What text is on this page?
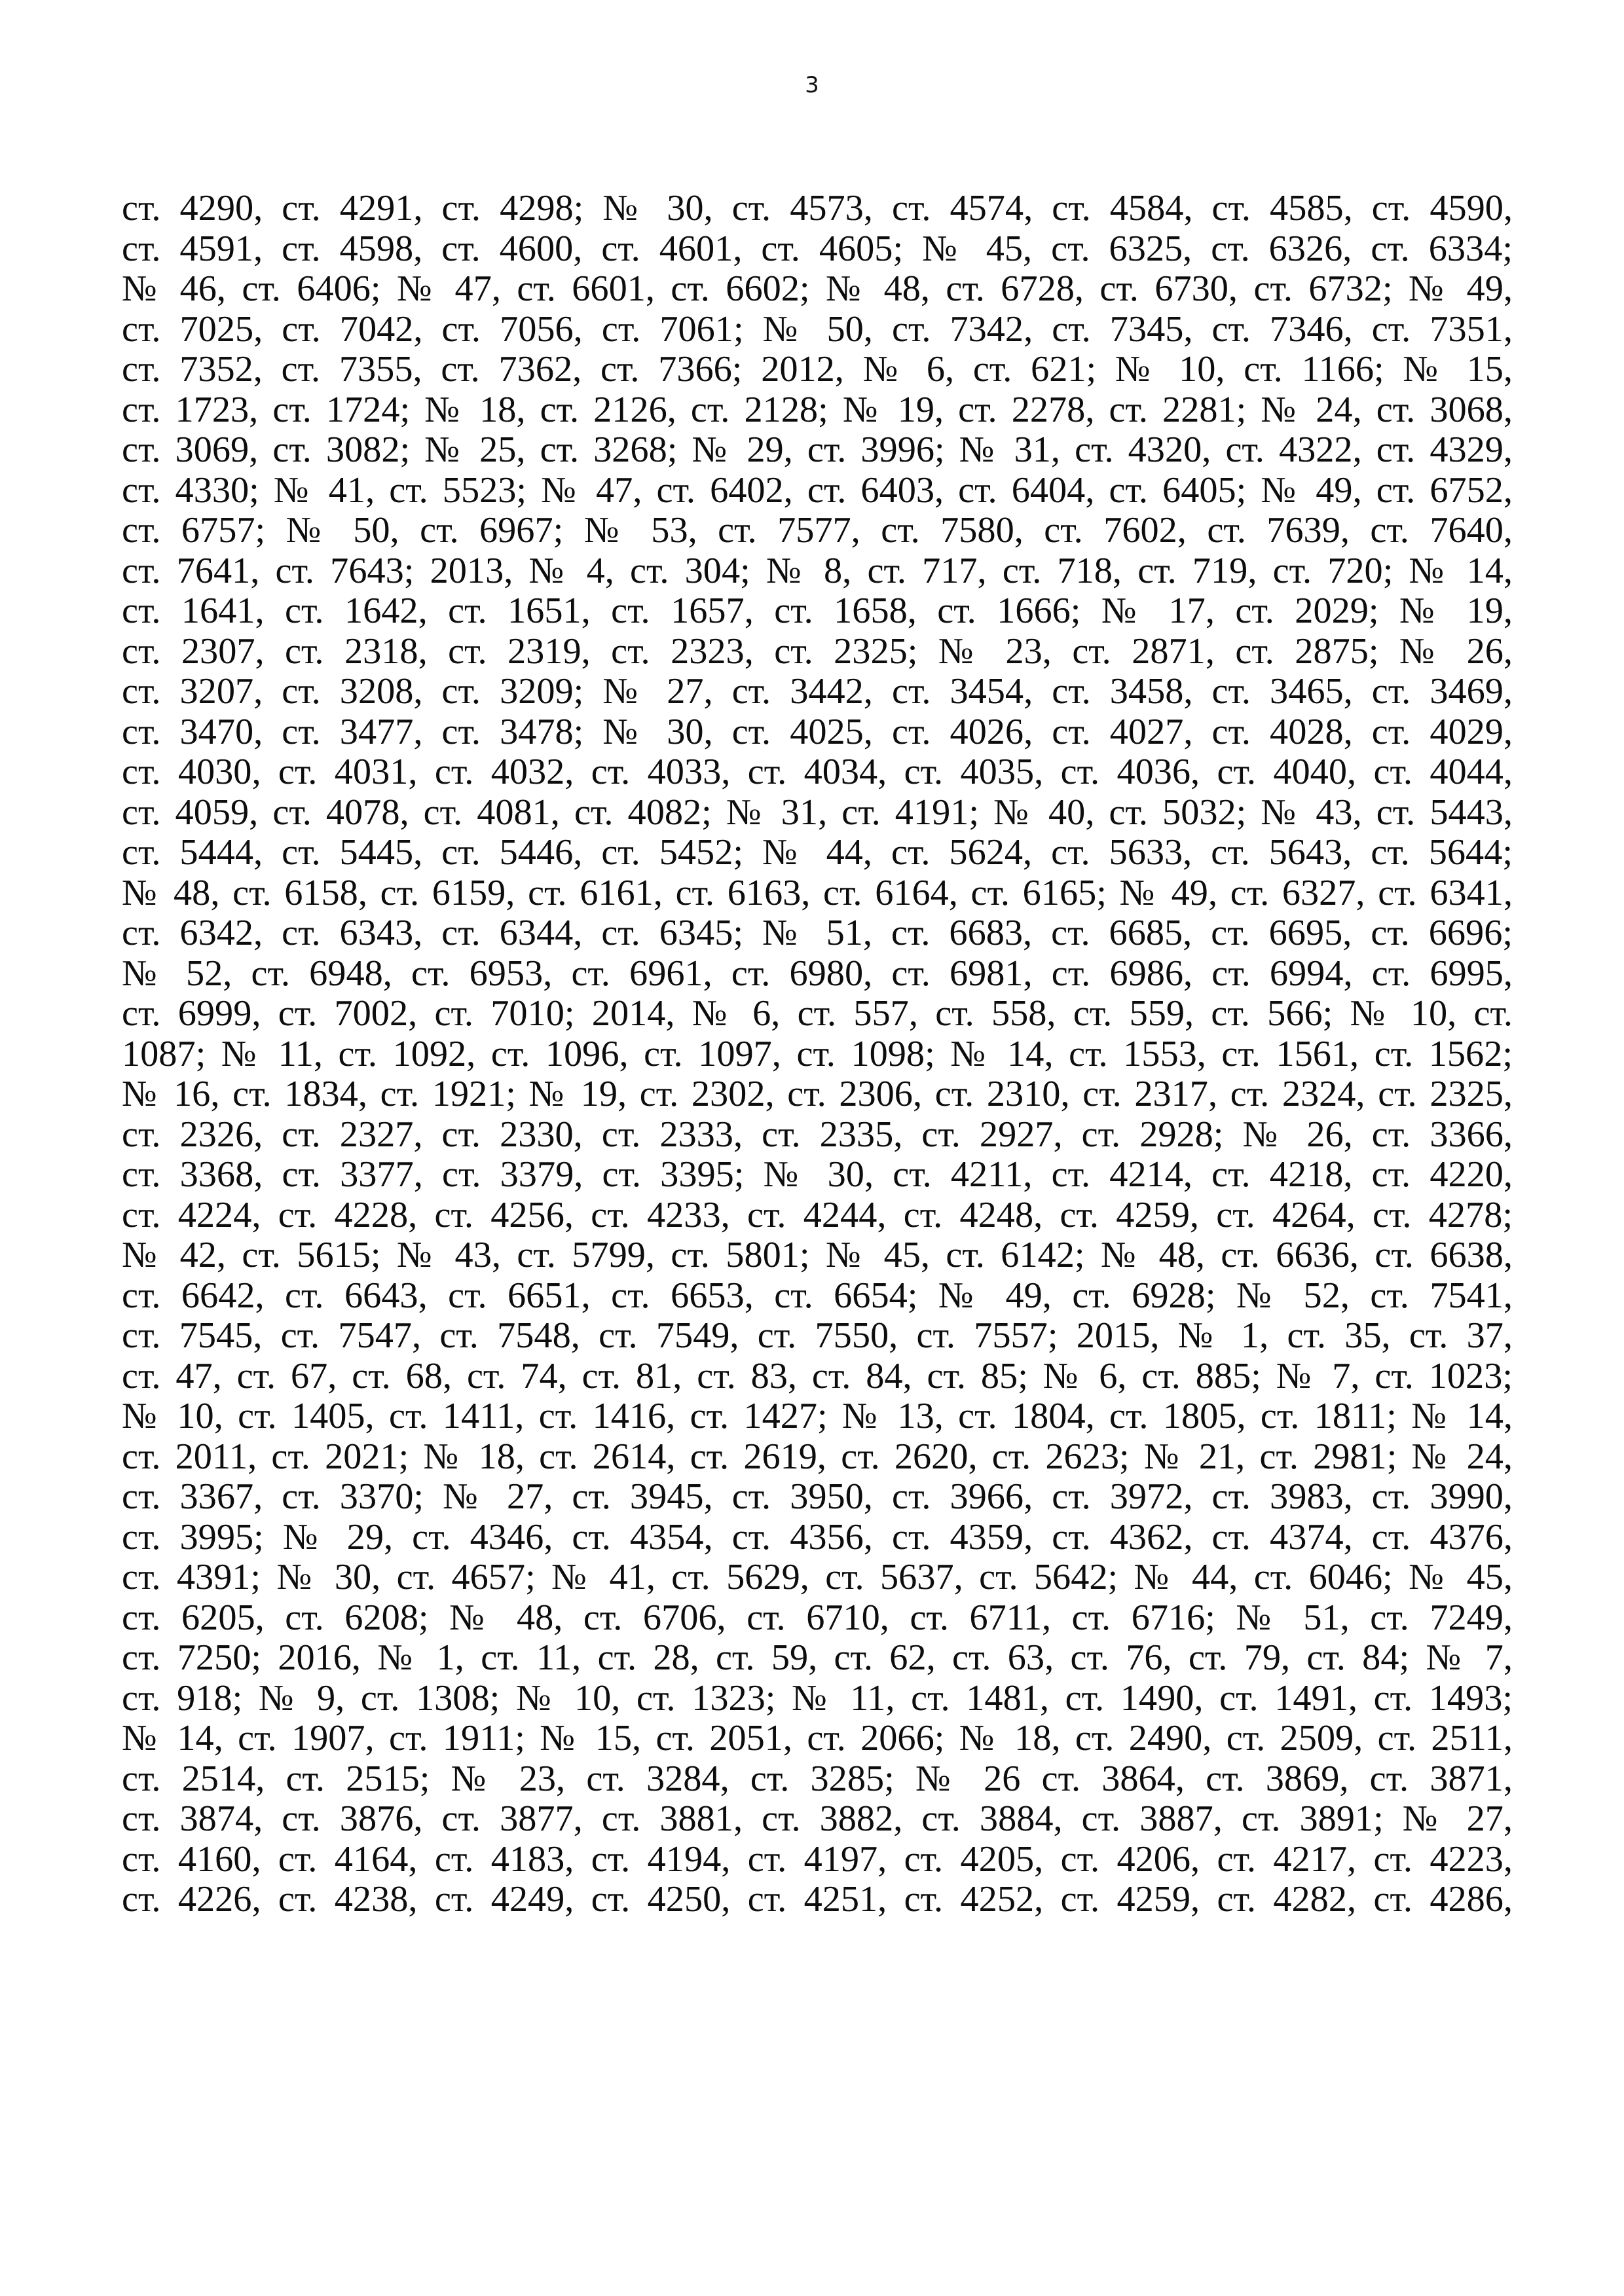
3
ст. 4290, ст. 4291, ст. 4298; № 30, ст. 4573, ст. 4574, ст. 4584, ст. 4585, ст. 4590,
ст. 4591, ст. 4598, ст. 4600, ст. 4601, ст. 4605; № 45, ст. 6325, ст. 6326, ст. 6334;
№ 46, ст. 6406; № 47, ст. 6601, ст. 6602; № 48, ст. 6728, ст. 6730, ст. 6732; № 49,
ст. 7025, ст. 7042, ст. 7056, ст. 7061; № 50, ст. 7342, ст. 7345, ст. 7346, ст. 7351,
ст. 7352, ст. 7355, ст. 7362, ст. 7366; 2012, № 6, ст. 621; № 10, ст. 1166; № 15,
ст. 1723, ст. 1724; № 18, ст. 2126, ст. 2128; № 19, ст. 2278, ст. 2281; № 24, ст. 3068,
ст. 3069, ст. 3082; № 25, ст. 3268; № 29, ст. 3996; № 31, ст. 4320, ст. 4322, ст. 4329,
ст. 4330; № 41, ст. 5523; № 47, ст. 6402, ст. 6403, ст. 6404, ст. 6405; № 49, ст. 6752,
ст. 6757; № 50, ст. 6967; № 53, ст. 7577, ст. 7580, ст. 7602, ст. 7639, ст. 7640,
ст. 7641, ст. 7643; 2013, № 4, ст. 304; № 8, ст. 717, ст. 718, ст. 719, ст. 720; № 14,
ст. 1641, ст. 1642, ст. 1651, ст. 1657, ст. 1658, ст. 1666; № 17, ст. 2029; № 19,
ст. 2307, ст. 2318, ст. 2319, ст. 2323, ст. 2325; № 23, ст. 2871, ст. 2875; № 26,
ст. 3207, ст. 3208, ст. 3209; № 27, ст. 3442, ст. 3454, ст. 3458, ст. 3465, ст. 3469,
ст. 3470, ст. 3477, ст. 3478; № 30, ст. 4025, ст. 4026, ст. 4027, ст. 4028, ст. 4029,
ст. 4030, ст. 4031, ст. 4032, ст. 4033, ст. 4034, ст. 4035, ст. 4036, ст. 4040, ст. 4044,
ст. 4059, ст. 4078, ст. 4081, ст. 4082; № 31, ст. 4191; № 40, ст. 5032; № 43, ст. 5443,
ст. 5444, ст. 5445, ст. 5446, ст. 5452; № 44, ст. 5624, ст. 5633, ст. 5643, ст. 5644;
№ 48, ст. 6158, ст. 6159, ст. 6161, ст. 6163, ст. 6164, ст. 6165; № 49, ст. 6327, ст. 6341,
ст. 6342, ст. 6343, ст. 6344, ст. 6345; № 51, ст. 6683, ст. 6685, ст. 6695, ст. 6696;
№ 52, ст. 6948, ст. 6953, ст. 6961, ст. 6980, ст. 6981, ст. 6986, ст. 6994, ст. 6995,
ст. 6999, ст. 7002, ст. 7010; 2014, № 6, ст. 557, ст. 558, ст. 559, ст. 566; № 10, ст.
1087; № 11, ст. 1092, ст. 1096, ст. 1097, ст. 1098; № 14, ст. 1553, ст. 1561, ст. 1562;
№ 16, ст. 1834, ст. 1921; № 19, ст. 2302, ст. 2306, ст. 2310, ст. 2317, ст. 2324, ст. 2325,
ст. 2326, ст. 2327, ст. 2330, ст. 2333, ст. 2335, ст. 2927, ст. 2928; № 26, ст. 3366,
ст. 3368, ст. 3377, ст. 3379, ст. 3395; № 30, ст. 4211, ст. 4214, ст. 4218, ст. 4220,
ст. 4224, ст. 4228, ст. 4256, ст. 4233, ст. 4244, ст. 4248, ст. 4259, ст. 4264, ст. 4278;
№ 42, ст. 5615; № 43, ст. 5799, ст. 5801; № 45, ст. 6142; № 48, ст. 6636, ст. 6638,
ст. 6642, ст. 6643, ст. 6651, ст. 6653, ст. 6654; № 49, ст. 6928; № 52, ст. 7541,
ст. 7545, ст. 7547, ст. 7548, ст. 7549, ст. 7550, ст. 7557; 2015, № 1, ст. 35, ст. 37,
ст. 47, ст. 67, ст. 68, ст. 74, ст. 81, ст. 83, ст. 84, ст. 85; № 6, ст. 885; № 7, ст. 1023;
№ 10, ст. 1405, ст. 1411, ст. 1416, ст. 1427; № 13, ст. 1804, ст. 1805, ст. 1811; № 14,
ст. 2011, ст. 2021; № 18, ст. 2614, ст. 2619, ст. 2620, ст. 2623; № 21, ст. 2981; № 24,
ст. 3367, ст. 3370; № 27, ст. 3945, ст. 3950, ст. 3966, ст. 3972, ст. 3983, ст. 3990,
ст. 3995; № 29, ст. 4346, ст. 4354, ст. 4356, ст. 4359, ст. 4362, ст. 4374, ст. 4376,
ст. 4391; № 30, ст. 4657; № 41, ст. 5629, ст. 5637, ст. 5642; № 44, ст. 6046; № 45,
ст. 6205, ст. 6208; № 48, ст. 6706, ст. 6710, ст. 6711, ст. 6716; № 51, ст. 7249,
ст. 7250; 2016, № 1, ст. 11, ст. 28, ст. 59, ст. 62, ст. 63, ст. 76, ст. 79, ст. 84; № 7,
ст. 918; № 9, ст. 1308; № 10, ст. 1323; № 11, ст. 1481, ст. 1490, ст. 1491, ст. 1493;
№ 14, ст. 1907, ст. 1911; № 15, ст. 2051, ст. 2066; № 18, ст. 2490, ст. 2509, ст. 2511,
ст. 2514, ст. 2515; № 23, ст. 3284, ст. 3285; № 26 ст. 3864, ст. 3869, ст. 3871,
ст. 3874, ст. 3876, ст. 3877, ст. 3881, ст. 3882, ст. 3884, ст. 3887, ст. 3891; № 27,
ст. 4160, ст. 4164, ст. 4183, ст. 4194, ст. 4197, ст. 4205, ст. 4206, ст. 4217, ст. 4223,
ст. 4226, ст. 4238, ст. 4249, ст. 4250, ст. 4251, ст. 4252, ст. 4259, ст. 4282, ст. 4286,
